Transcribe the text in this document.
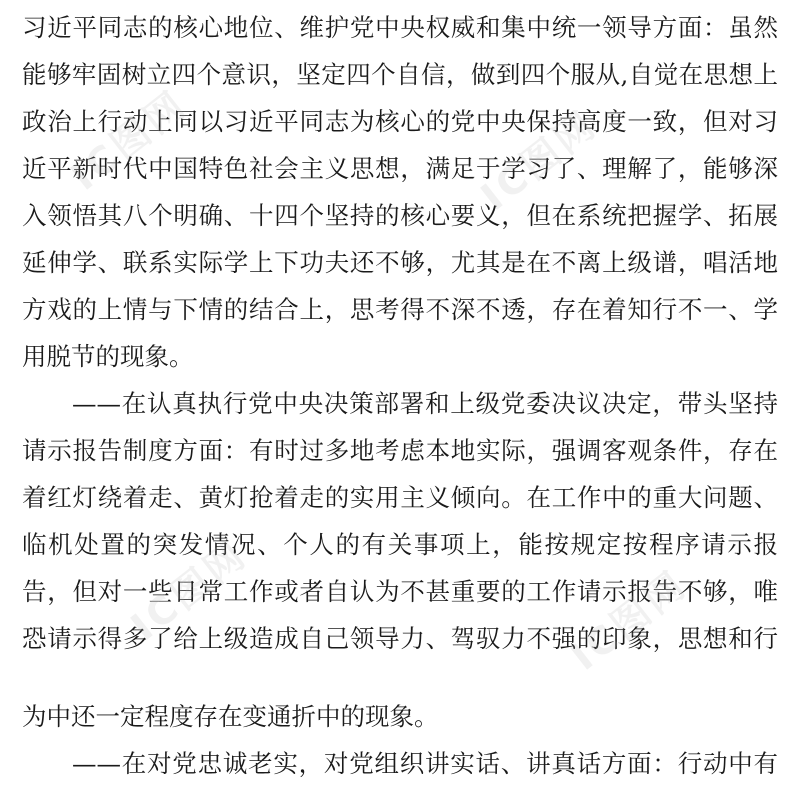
习近平同志的核心地位、维护党中央权威和集中统一领导方面：虽然

能够牢固树立四个意识，坚定四个自信，做到四个服从,自觉在思想上

政治上行动上同以习近平同志为核心的党中央保持高度一致，但对习

近平新时代中国特色社会主义思想，满足于学习了、理解了，能够深

入领悟其八个明确、十四个坚持的核心要义，但在系统把握学、拓展

延伸学、联系实际学上下功夫还不够，尤其是在不离上级谱，唱活地

方戏的上情与下情的结合上，思考得不深不透，存在着知行不一、学

用脱节的现象。

——在认真执行党中央决策部署和上级党委决议决定，带头坚持

请示报告制度方面：有时过多地考虑本地实际，强调客观条件，存在

着红灯绕着走、黄灯抢着走的实用主义倾向。在工作中的重大问题、

临机处置的突发情况、个人的有关事项上，能按规定按程序请示报

告，但对一些日常工作或者自认为不甚重要的工作请示报告不够，唯

恐请示得多了给上级造成自己领导力、驾驭力不强的印象，思想和行

为中还一定程度存在变通折中的现象。

——在对党忠诚老实，对党组织讲实话、讲真话方面：行动中有

IC图网	IC图网
IC图网	IC图网
